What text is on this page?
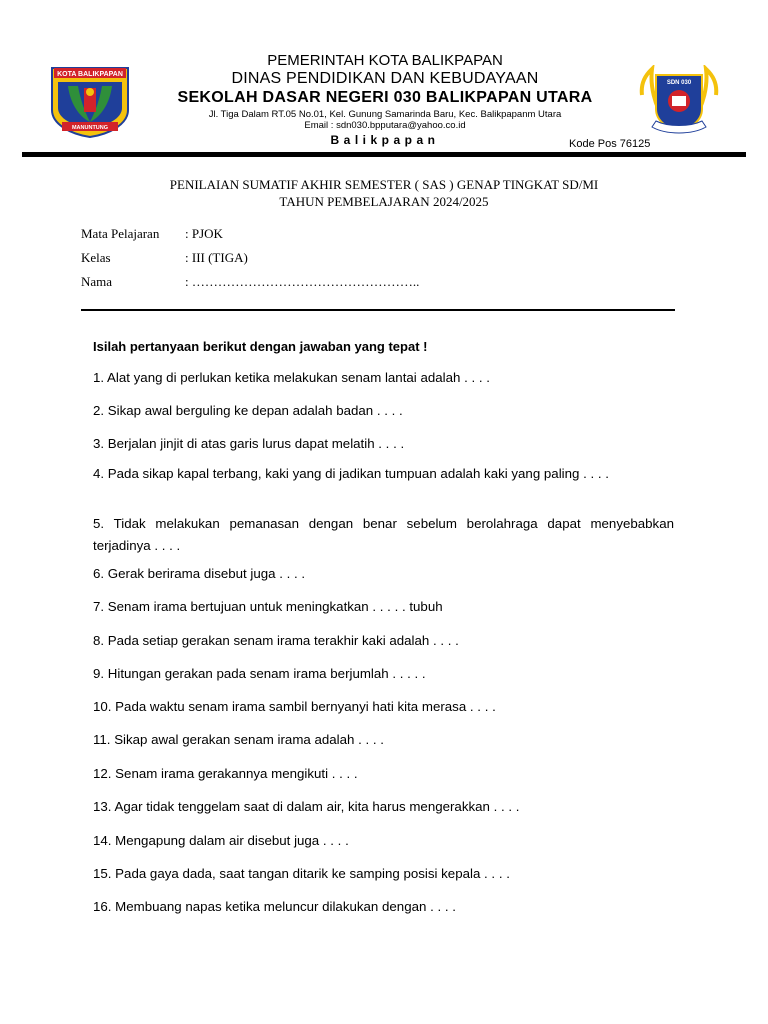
KOTA BALIKPAPAN
MANUNTUNG
SDN 030
PEMERINTAH KOTA BALIKPAPAN
DINAS PENDIDIKAN DAN KEBUDAYAAN
SEKOLAH DASAR NEGERI 030 BALIKPAPAN UTARA
Jl. Tiga Dalam RT.05 No.01, Kel. Gunung Samarinda Baru, Kec. Balikpapanm Utara
Email : sdn030.bpputara@yahoo.co.id
Balikpapan	Kode Pos 76125
PENILAIAN SUMATIF AKHIR SEMESTER ( SAS ) GENAP TINGKAT SD/MI
TAHUN PEMBELAJARAN 2024/2025
Mata Pelajaran	: PJOK
Kelas	: III (TIGA)
Nama	: ……………………………………………..
Isilah pertanyaan berikut dengan jawaban yang tepat !
1. Alat yang di perlukan ketika melakukan senam lantai adalah . . . .
2. Sikap awal berguling ke depan adalah badan . . . .
3. Berjalan jinjit di atas garis lurus dapat melatih . . . .
4. Pada sikap kapal terbang, kaki yang di jadikan tumpuan adalah kaki yang paling . . . .
5. Tidak melakukan pemanasan dengan benar sebelum berolahraga dapat menyebabkan terjadinya . . . .
6. Gerak berirama disebut juga . . . .
7. Senam irama bertujuan untuk meningkatkan . . . . . tubuh
8. Pada setiap gerakan senam irama terakhir kaki adalah . . . .
9. Hitungan gerakan pada senam irama berjumlah . . . . .
10. Pada waktu senam irama sambil bernyanyi hati kita merasa . . . .
11. Sikap awal gerakan senam irama adalah . . . .
12. Senam irama gerakannya mengikuti . . . .
13. Agar tidak tenggelam saat di dalam air, kita harus mengerakkan . . . .
14. Mengapung dalam air disebut juga . . . .
15. Pada gaya dada, saat tangan ditarik ke samping posisi kepala . . . .
16. Membuang napas ketika meluncur dilakukan dengan . . . .
